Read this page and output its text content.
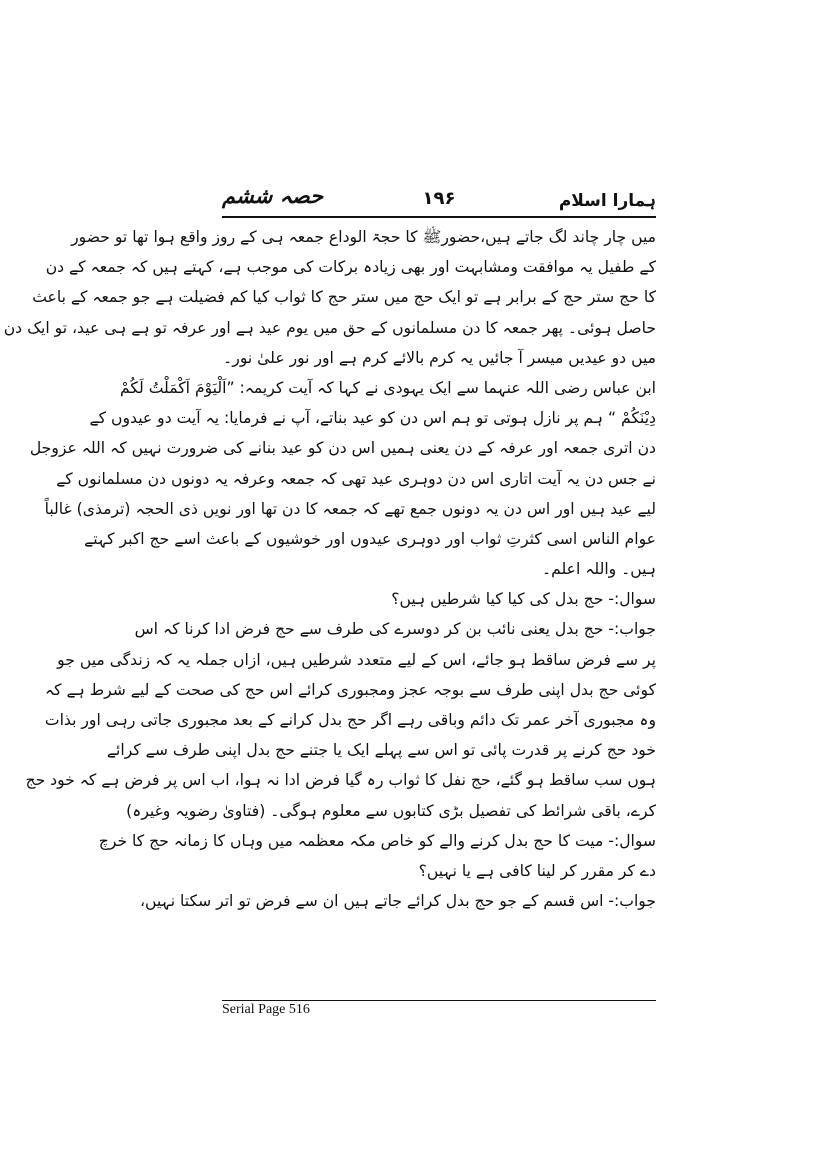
ہمارا اسلام
۱۹۶
حصہ ششم
میں چار چاند لگ جاتے ہیں،حضورﷺ کا حجۃ الوداع جمعہ ہی کے روز واقع ہوا تھا تو حضور
کے طفیل یہ موافقت ومشابہت اور بھی زیادہ برکات کی موجب ہے، کہتے ہیں کہ جمعہ کے دن
کا حج ستر حج کے برابر ہے تو ایک حج میں ستر حج کا ثواب کیا کم فضیلت ہے جو جمعہ کے باعث
حاصل ہوئی۔ پھر جمعہ کا دن مسلمانوں کے حق میں یوم عید ہے اور عرفہ تو ہے ہی عید، تو ایک دن
میں دو عیدیں میسر آ جائیں یہ کرم بالائے کرم ہے اور نور علیٰ نور۔
ابن عباس رضی اللہ عنہما سے ایک یہودی نے کہا کہ آیت کریمہ: ”اَلْیَوْمَ اَکْمَلْتُ لَکُمْ
دِیْنَکُمْ “ ہم پر نازل ہوتی تو ہم اس دن کو عید بناتے، آپ نے فرمایا: یہ آیت دو عیدوں کے
دن اتری جمعہ اور عرفہ کے دن یعنی ہمیں اس دن کو عید بنانے کی ضرورت نہیں کہ اللہ عزوجل
نے جس دن یہ آیت اتاری اس دن دوہری عید تھی کہ جمعہ وعرفہ یہ دونوں دن مسلمانوں کے
لیے عید ہیں اور اس دن یہ دونوں جمع تھے کہ جمعہ کا دن تھا اور نویں ذی الحجہ (ترمذی) غالباً
عوام الناس اسی کثرتِ ثواب اور دوہری عیدوں اور خوشیوں کے باعث اسے حج اکبر کہتے
ہیں۔ واللہ اعلم۔
سوال:- حج بدل کی کیا کیا شرطیں ہیں؟
جواب:- حج بدل یعنی نائب بن کر دوسرے کی طرف سے حج فرض ادا کرنا کہ اس
پر سے فرض ساقط ہو جائے، اس کے لیے متعدد شرطیں ہیں، ازاں جملہ یہ کہ زندگی میں جو
کوئی حج بدل اپنی طرف سے بوجہ عجز ومجبوری کرائے اس حج کی صحت کے لیے شرط ہے کہ
وہ مجبوری آخر عمر تک دائم وباقی رہے اگر حج بدل کرانے کے بعد مجبوری جاتی رہی اور بذات
خود حج کرنے پر قدرت پائی تو اس سے پہلے ایک یا جتنے حج بدل اپنی طرف سے کرائے
ہوں سب ساقط ہو گئے، حج نفل کا ثواب رہ گیا فرض ادا نہ ہوا، اب اس پر فرض ہے کہ خود حج
کرے، باقی شرائط کی تفصیل بڑی کتابوں سے معلوم ہوگی۔ (فتاویٰ رضویہ وغیرہ)
سوال:- میت کا حج بدل کرنے والے کو خاص مکہ معظمہ میں وہاں کا زمانہ حج کا خرچ
دے کر مقرر کر لینا کافی ہے یا نہیں؟
جواب:- اس قسم کے جو حج بدل کرائے جاتے ہیں ان سے فرض تو اتر سکتا نہیں،
Serial Page 516
